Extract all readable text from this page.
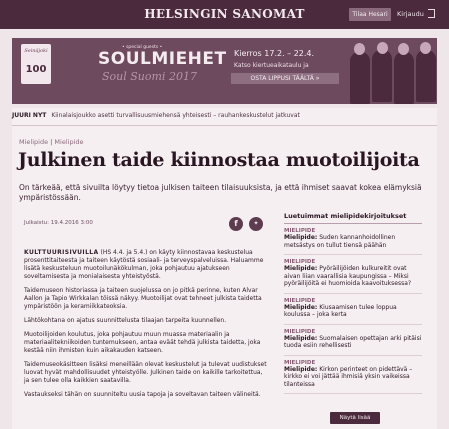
HELSINGIN SANOMAT	Tilaa Hesari	Kirjaudu
Seinäjoki
100
• special guests •
SOULMIEHET
Soul Suomi 2017
Kierros 17.2. – 22.4.
Katso kiertueaikataulu ja
OSTA LIPPUSI TÄÄLTÄ »
JUURI NYT Kiinalaisjoukko asetti turvallisuusmiehensä yhteisesti – rauhankeskustelut jatkuvat
Mielipide | Mielipide
Julkinen taide kiinnostaa muotoilijoita
On tärkeää, että sivuilta löytyy tietoa julkisen taiteen tilaisuuksista, ja että ihmiset saavat kokea elämyksiä ympäristössään.
Julkaistu: 19.4.2016 3:00	f	✦

KULTTUURISIVUILLA (HS 4.4. ja 5.4.) on käyty kiinnostavaa keskustelua prosenttitaiteesta ja taiteen käytöstä sosiaali- ja terveyspalveluissa. Haluamme lisätä keskusteluun muotoilunäkökulman, joka pohjautuu ajatukseen soveltamisesta ja monialaisesta yhteistyöstä.

Taidemuseon historiassa ja taiteen suojelussa on jo pitkä perinne, kuten Alvar Aallon ja Tapio Wirkkalan töissä näkyy. Muotoilijat ovat tehneet julkista taidetta ympäristöön ja keramiikkateoksia.

Lähtökohtana on ajatus suunnittelusta tilaajan tarpeita kuunnellen.

Muotoilijoiden koulutus, joka pohjautuu muun muassa materiaalin ja materiaalitekniikoiden tuntemukseen, antaa eväät tehdä julkista taidetta, joka kestää niin ihmisten kuin aikakauden katseen.

Taidemuseokäsitteen lisäksi meneillään olevat keskustelut ja tulevat uudistukset luovat hyvät mahdollisuudet yhteistyölle. Julkinen taide on kaikille tarkoitettua, ja sen tulee olla kaikkien saatavilla.

Vastaukseksi tähän on suunniteltu uusia tapoja ja soveltavan taiteen välineitä.

Luetuimmat mielipidekirjoitukset
MIELIPIDE
Mielipide: Suden kannanhoidollinen metsästys on tullut tiensä päähän
MIELIPIDE
Mielipide: Pyöräilijöiden kulkureitit ovat aivan liian vaarallisia kaupungissa – Miksi pyöräilijöitä ei huomioida kaavoituksessa?
MIELIPIDE
Mielipide: Kiusaamisen tulee loppua koulussa – joka kerta
MIELIPIDE
Mielipide: Suomalaisen opettajan arki pitäisi tuoda esiin rehellisesti
MIELIPIDE
Mielipide: Kirkon perinteet on pidettävä – kirkko ei voi jättää ihmisiä yksin vaikeissa tilanteissa
Näytä lisää
